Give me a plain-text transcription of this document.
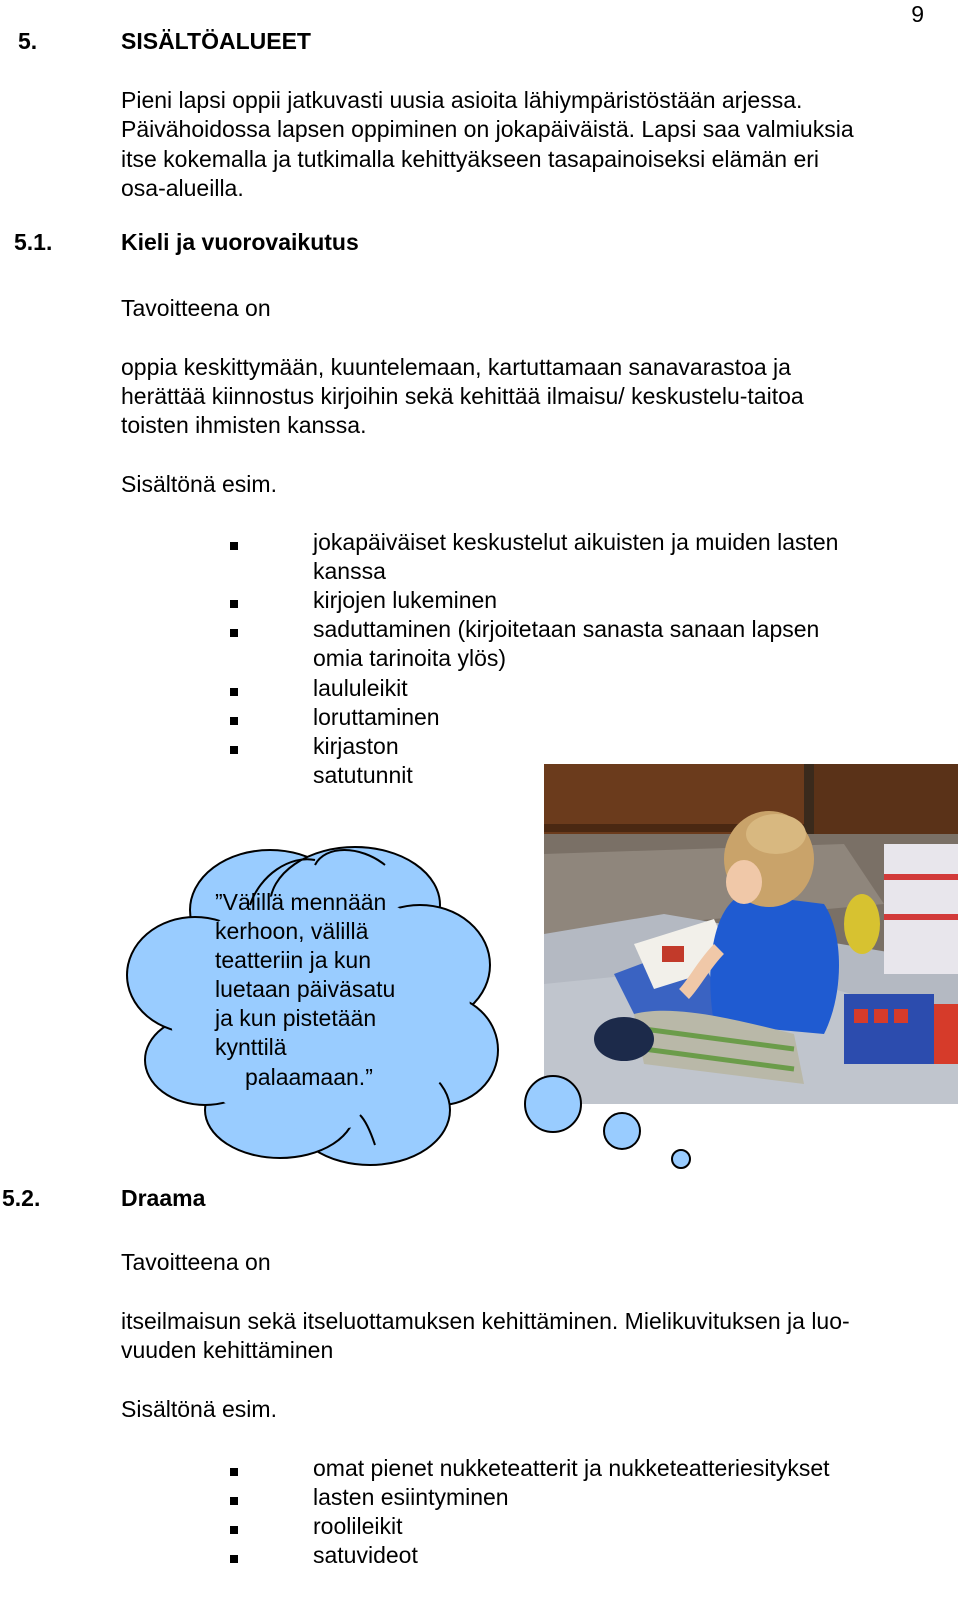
9
5.	SISÄLTÖALUEET
Pieni lapsi oppii jatkuvasti uusia asioita lähiympäristöstään arjessa.
Päivähoidossa lapsen oppiminen on jokapäiväistä. Lapsi saa valmiuksia
itse kokemalla ja tutkimalla kehittyäkseen tasapainoiseksi elämän eri
osa-alueilla.
5.1.	Kieli ja vuorovaikutus
Tavoitteena on
oppia keskittymään, kuuntelemaan, kartuttamaan sanavarastoa ja
herättää kiinnostus kirjoihin sekä kehittää ilmaisu/ keskustelu-taitoa
toisten ihmisten kanssa.
Sisältönä esim.
jokapäiväiset keskustelut aikuisten ja muiden lasten
kanssa
kirjojen lukeminen
saduttaminen (kirjoitetaan sanasta sanaan lapsen
omia tarinoita ylös)
laululeikit
loruttaminen
kirjaston
satutunnit
”Välillä mennään
kerhoon, välillä
teatteriin ja kun
luetaan päiväsatu
ja kun pistetään
kynttilä
palaamaan.”
5.2.	Draama
Tavoitteena on
itseilmaisun sekä itseluottamuksen kehittäminen. Mielikuvituksen ja luo-
vuuden kehittäminen
Sisältönä esim.
omat pienet nukketeatterit ja nukketeatteriesitykset
lasten esiintyminen
roolileikit
satuvideot
